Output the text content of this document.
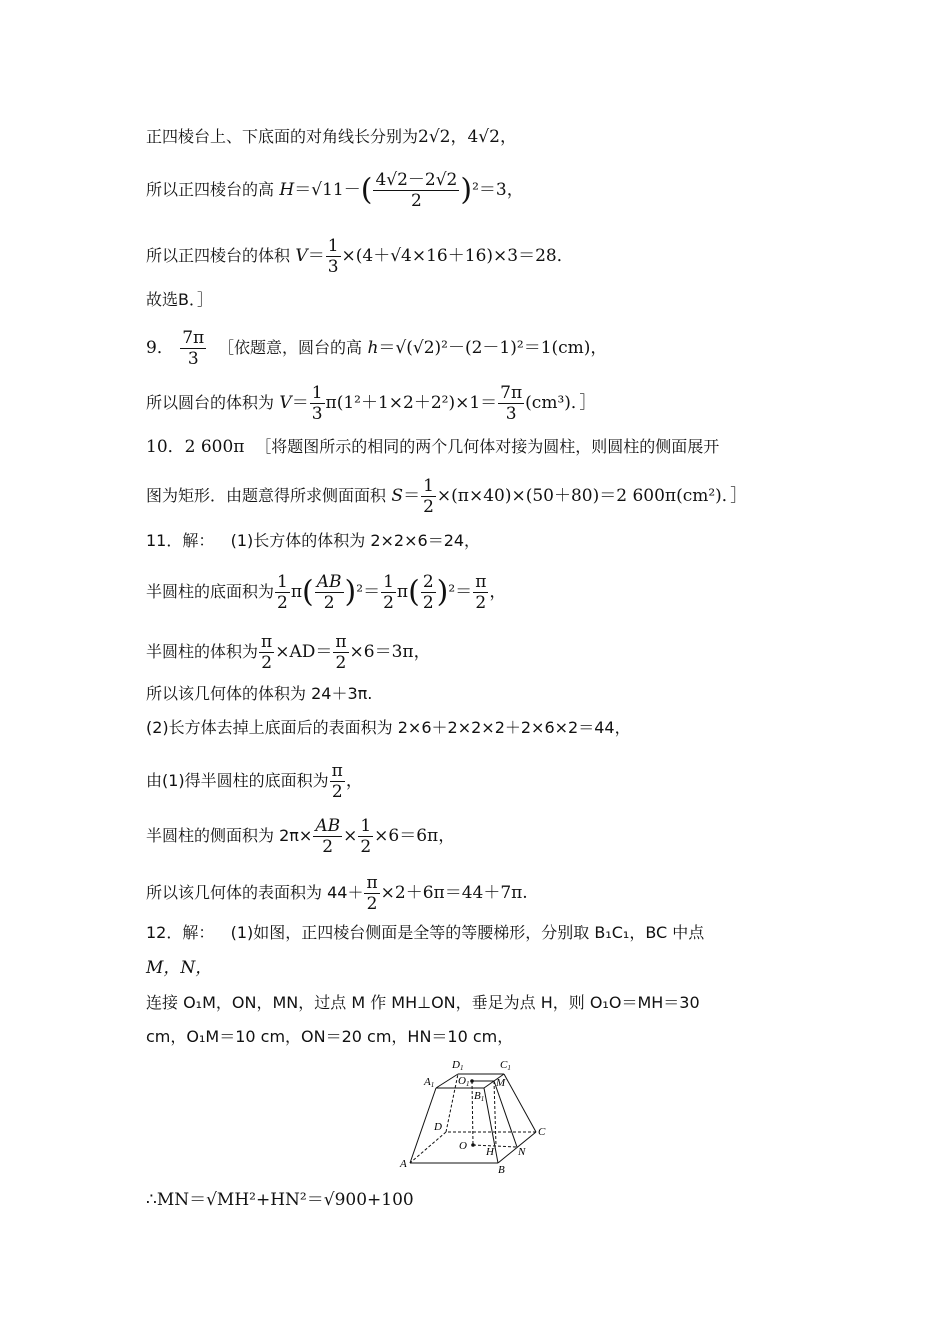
正四棱台上、下底面的对角线长分别为2√2，4√2，
所以正四棱台的高 $H=√11-( \frac{4√2-2√2}{2} )^2=3$，
所以正四棱台的体积 $V= \frac{1}{3} \times(4+√4\times 16+16)\times 3=28$．
故选B．］
9． $\frac{7\pi}{3}$ ［依题意，圆台的高 h＝√(√2)²－(2－1)²＝1(cm)，
所以圆台的体积为 $V= \frac{1}{3} \pi(1^2+1\times 2+2^2)\times 1= \frac{7\pi}{3} (cm^3)$．］
10．2 600π ［将题图所示的相同的两个几何体对接为圆柱，则圆柱的侧面展开
图为矩形．由题意得所求侧面面积 $S= \frac{1}{2} \times(\pi\times 40)\times(50+80)=2$ 600π(cm²)．］
11．解： (1)长方体的体积为 2×2×6＝24，
半圆柱的底面积为 $\frac{1}{2} \pi( \frac{AB}{2} )^2= \frac{1}{2} \pi( \frac{2}{2} )^2= \frac{\pi}{2}$ ，
半圆柱的体积为 $\frac{\pi}{2} \times AD= \frac{\pi}{2} \times 6=3\pi$，
所以该几何体的体积为 24＋3π.
(2)长方体去掉上底面后的表面积为 2×6＋2×2×2＋2×6×2＝44，
由(1)得半圆柱的底面积为 $\frac{\pi}{2}$ ，
半圆柱的侧面积为 $2\pi\times \frac{AB}{2} \times \frac{1}{2} \times 6=6\pi$，
所以该几何体的表面积为 $44+ \frac{\pi}{2} \times 2+6\pi=44+7\pi$.
12．解： (1)如图，正四棱台侧面是全等的等腰梯形，分别取 B₁C₁，BC 中点
M，N，
连接 O₁M，ON，MN，过点 M 作 MH⊥ON，垂足为点 H，则 O₁O＝MH＝30
cm，O₁M＝10 cm，ON＝20 cm，HN＝10 cm，
D1	C1
A1 O1 M
B1
D	C
O H N
A	B
∴MN＝√MH²+HN²＝√900+100
